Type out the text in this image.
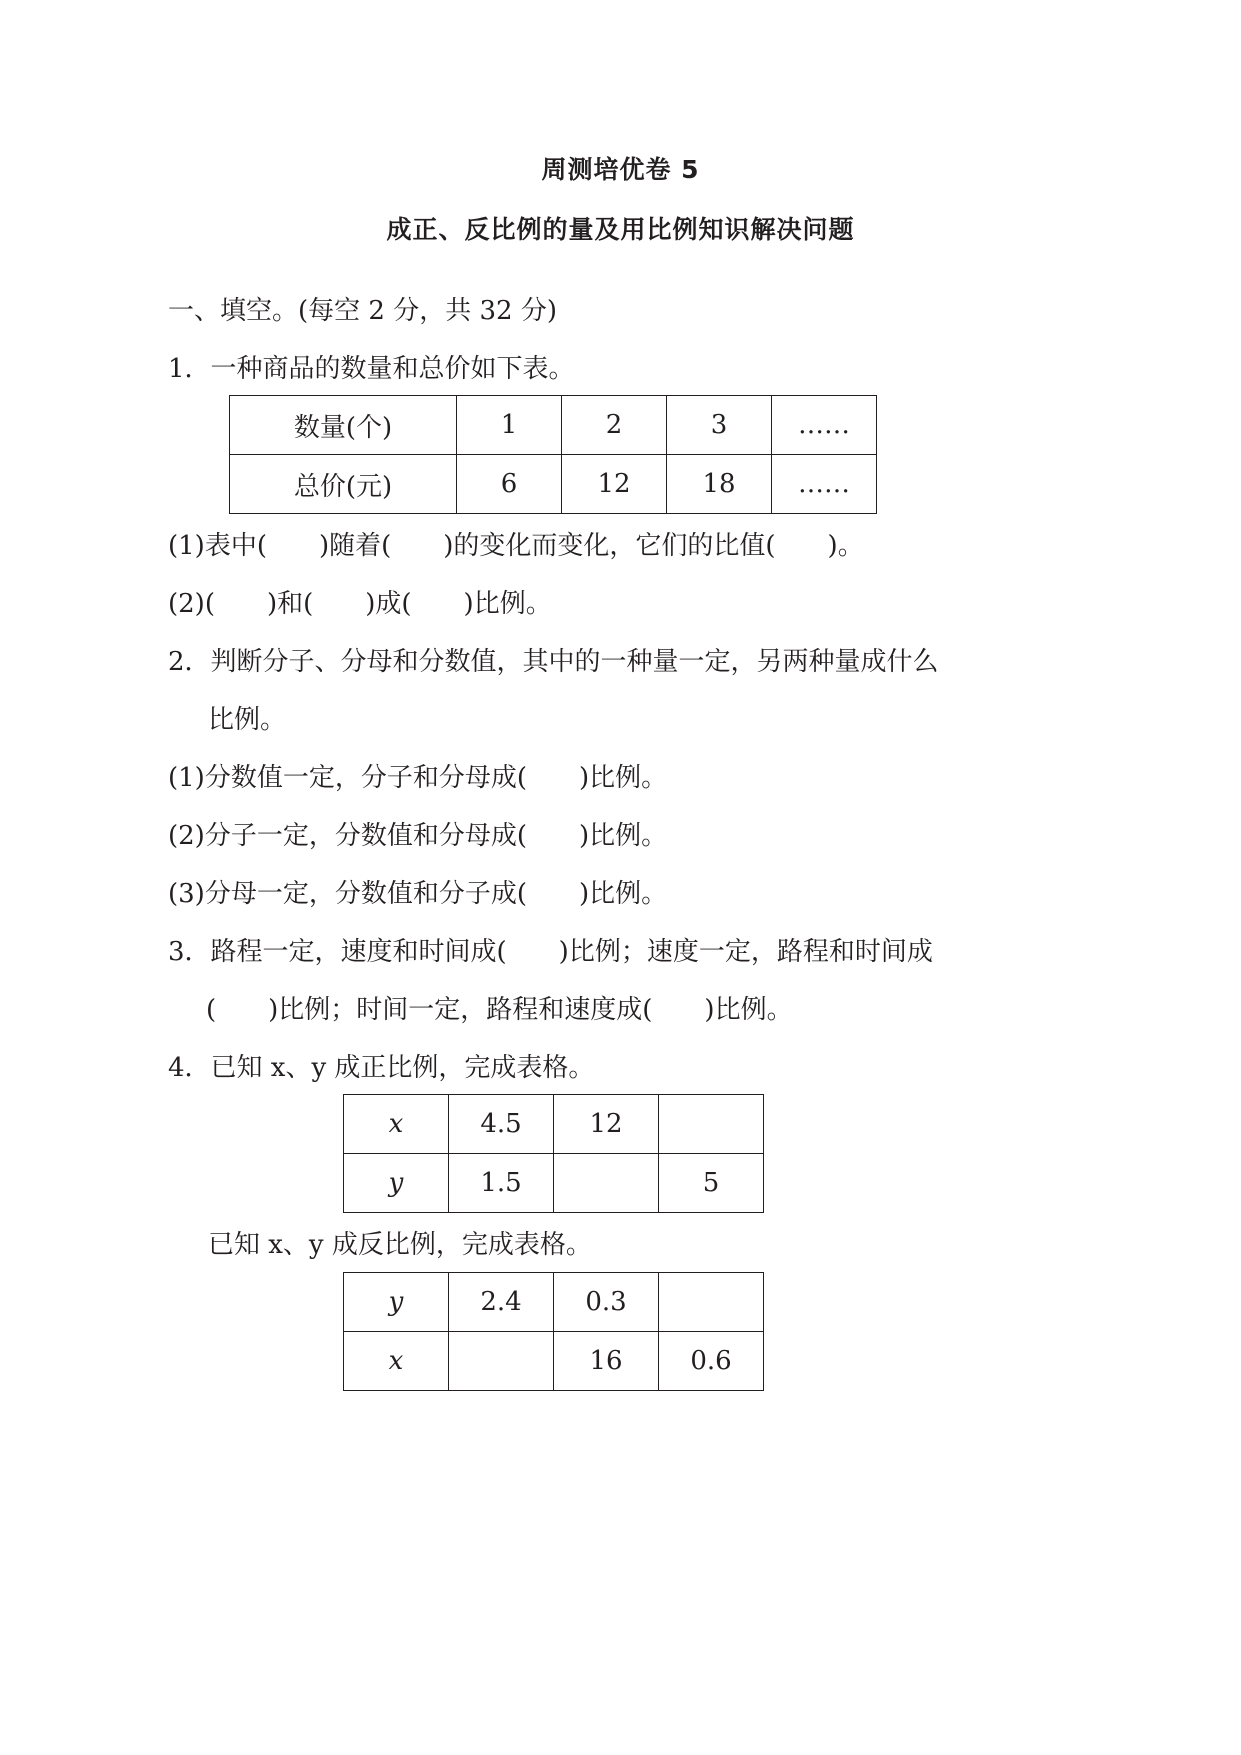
周测培优卷 5
成正、反比例的量及用比例知识解决问题
一、填空。(每空 2 分，共 32 分)
1．一种商品的数量和总价如下表。
数量(个)	1	2	3	……
总价(元)	6	12	18	……
(1)表中(　　)随着(　　)的变化而变化，它们的比值(　　)。
(2)(　　)和(　　)成(　　)比例。
2．判断分子、分母和分数值，其中的一种量一定，另两种量成什么
比例。
(1)分数值一定，分子和分母成(　　)比例。
(2)分子一定，分数值和分母成(　　)比例。
(3)分母一定，分数值和分子成(　　)比例。
3．路程一定，速度和时间成(　　)比例；速度一定，路程和时间成
(　　)比例；时间一定，路程和速度成(　　)比例。
4．已知 x、y 成正比例，完成表格。
x	4.5	12	
y	1.5		5
已知 x、y 成反比例，完成表格。
y	2.4	0.3	
x		16	0.6
